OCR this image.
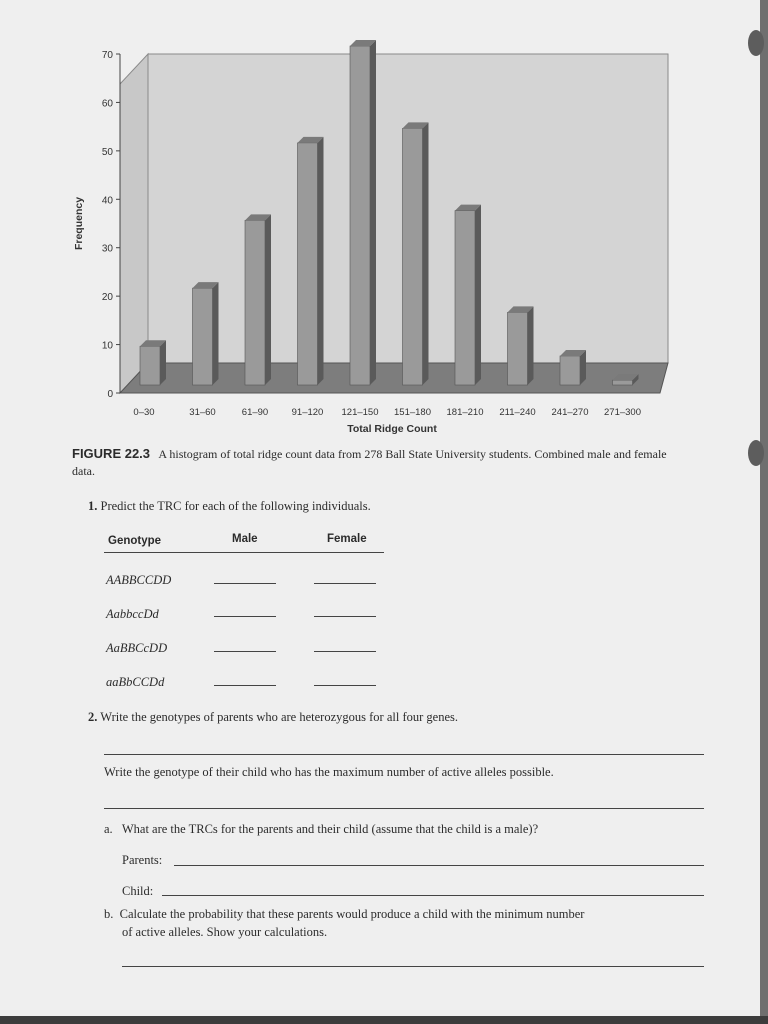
0
10
20
30
40
50
60
70
Frequency
0–30	31–60	61–90 91–120 121–150 151–180 181–210 211–240 241–270 271–300
Total Ridge Count
FIGURE 22.3 A histogram of total ridge count data from 278 Ball State University students. Combined male and female data.
1. Predict the TRC for each of the following individuals.
Genotype	Male	Female
AABBCCDD
AabbccDd
AaBBCcDD
aaBbCCDd
2. Write the genotypes of parents who are heterozygous for all four genes.
Write the genotype of their child who has the maximum number of active alleles possible.
a. What are the TRCs for the parents and their child (assume that the child is a male)?
Parents:
Child:
b. Calculate the probability that these parents would produce a child with the minimum number
of active alleles. Show your calculations.
